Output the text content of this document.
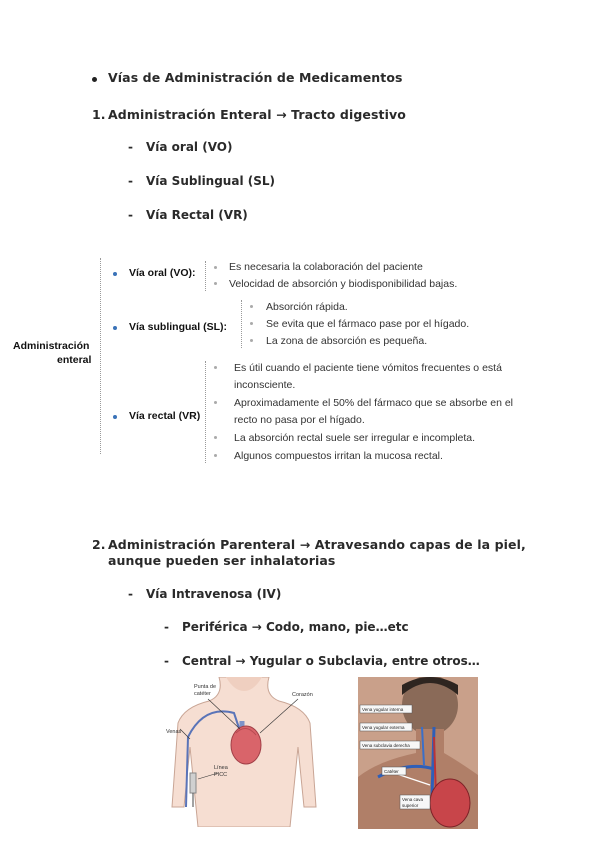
Vías de Administración de Medicamentos
1. Administración Enteral → Tracto digestivo
- Vía oral (VO)
- Vía Sublingual (SL)
- Vía Rectal (VR)
Administración
enteral
Vía oral (VO):	Es necesaria la colaboración del paciente
Velocidad de absorción y biodisponibilidad bajas.
Vía sublingual (SL):
Absorción rápida.
Se evita que el fármaco pase por el hígado.
La zona de absorción es pequeña.
Vía rectal (VR)
Es útil cuando el paciente tiene vómitos frecuentes o está
inconsciente.
Aproximadamente el 50% del fármaco que se absorbe en el
recto no pasa por el hígado.
La absorción rectal suele ser irregular e incompleta.
Algunos compuestos irritan la mucosa rectal.
2. Administración Parenteral → Atravesando capas de la piel,
aunque pueden ser inhalatorias
- Vía Intravenosa (IV)
- Periférica → Codo, mano, pie…etc
- Central → Yugular o Subclavia, entre otros…
Punta de
catéter	Corazón
Venas
Línea
PICC
Vena yugular interna
Vena yugular externa
Vena subclavia derecha
Catéter
Vena cava
superior
